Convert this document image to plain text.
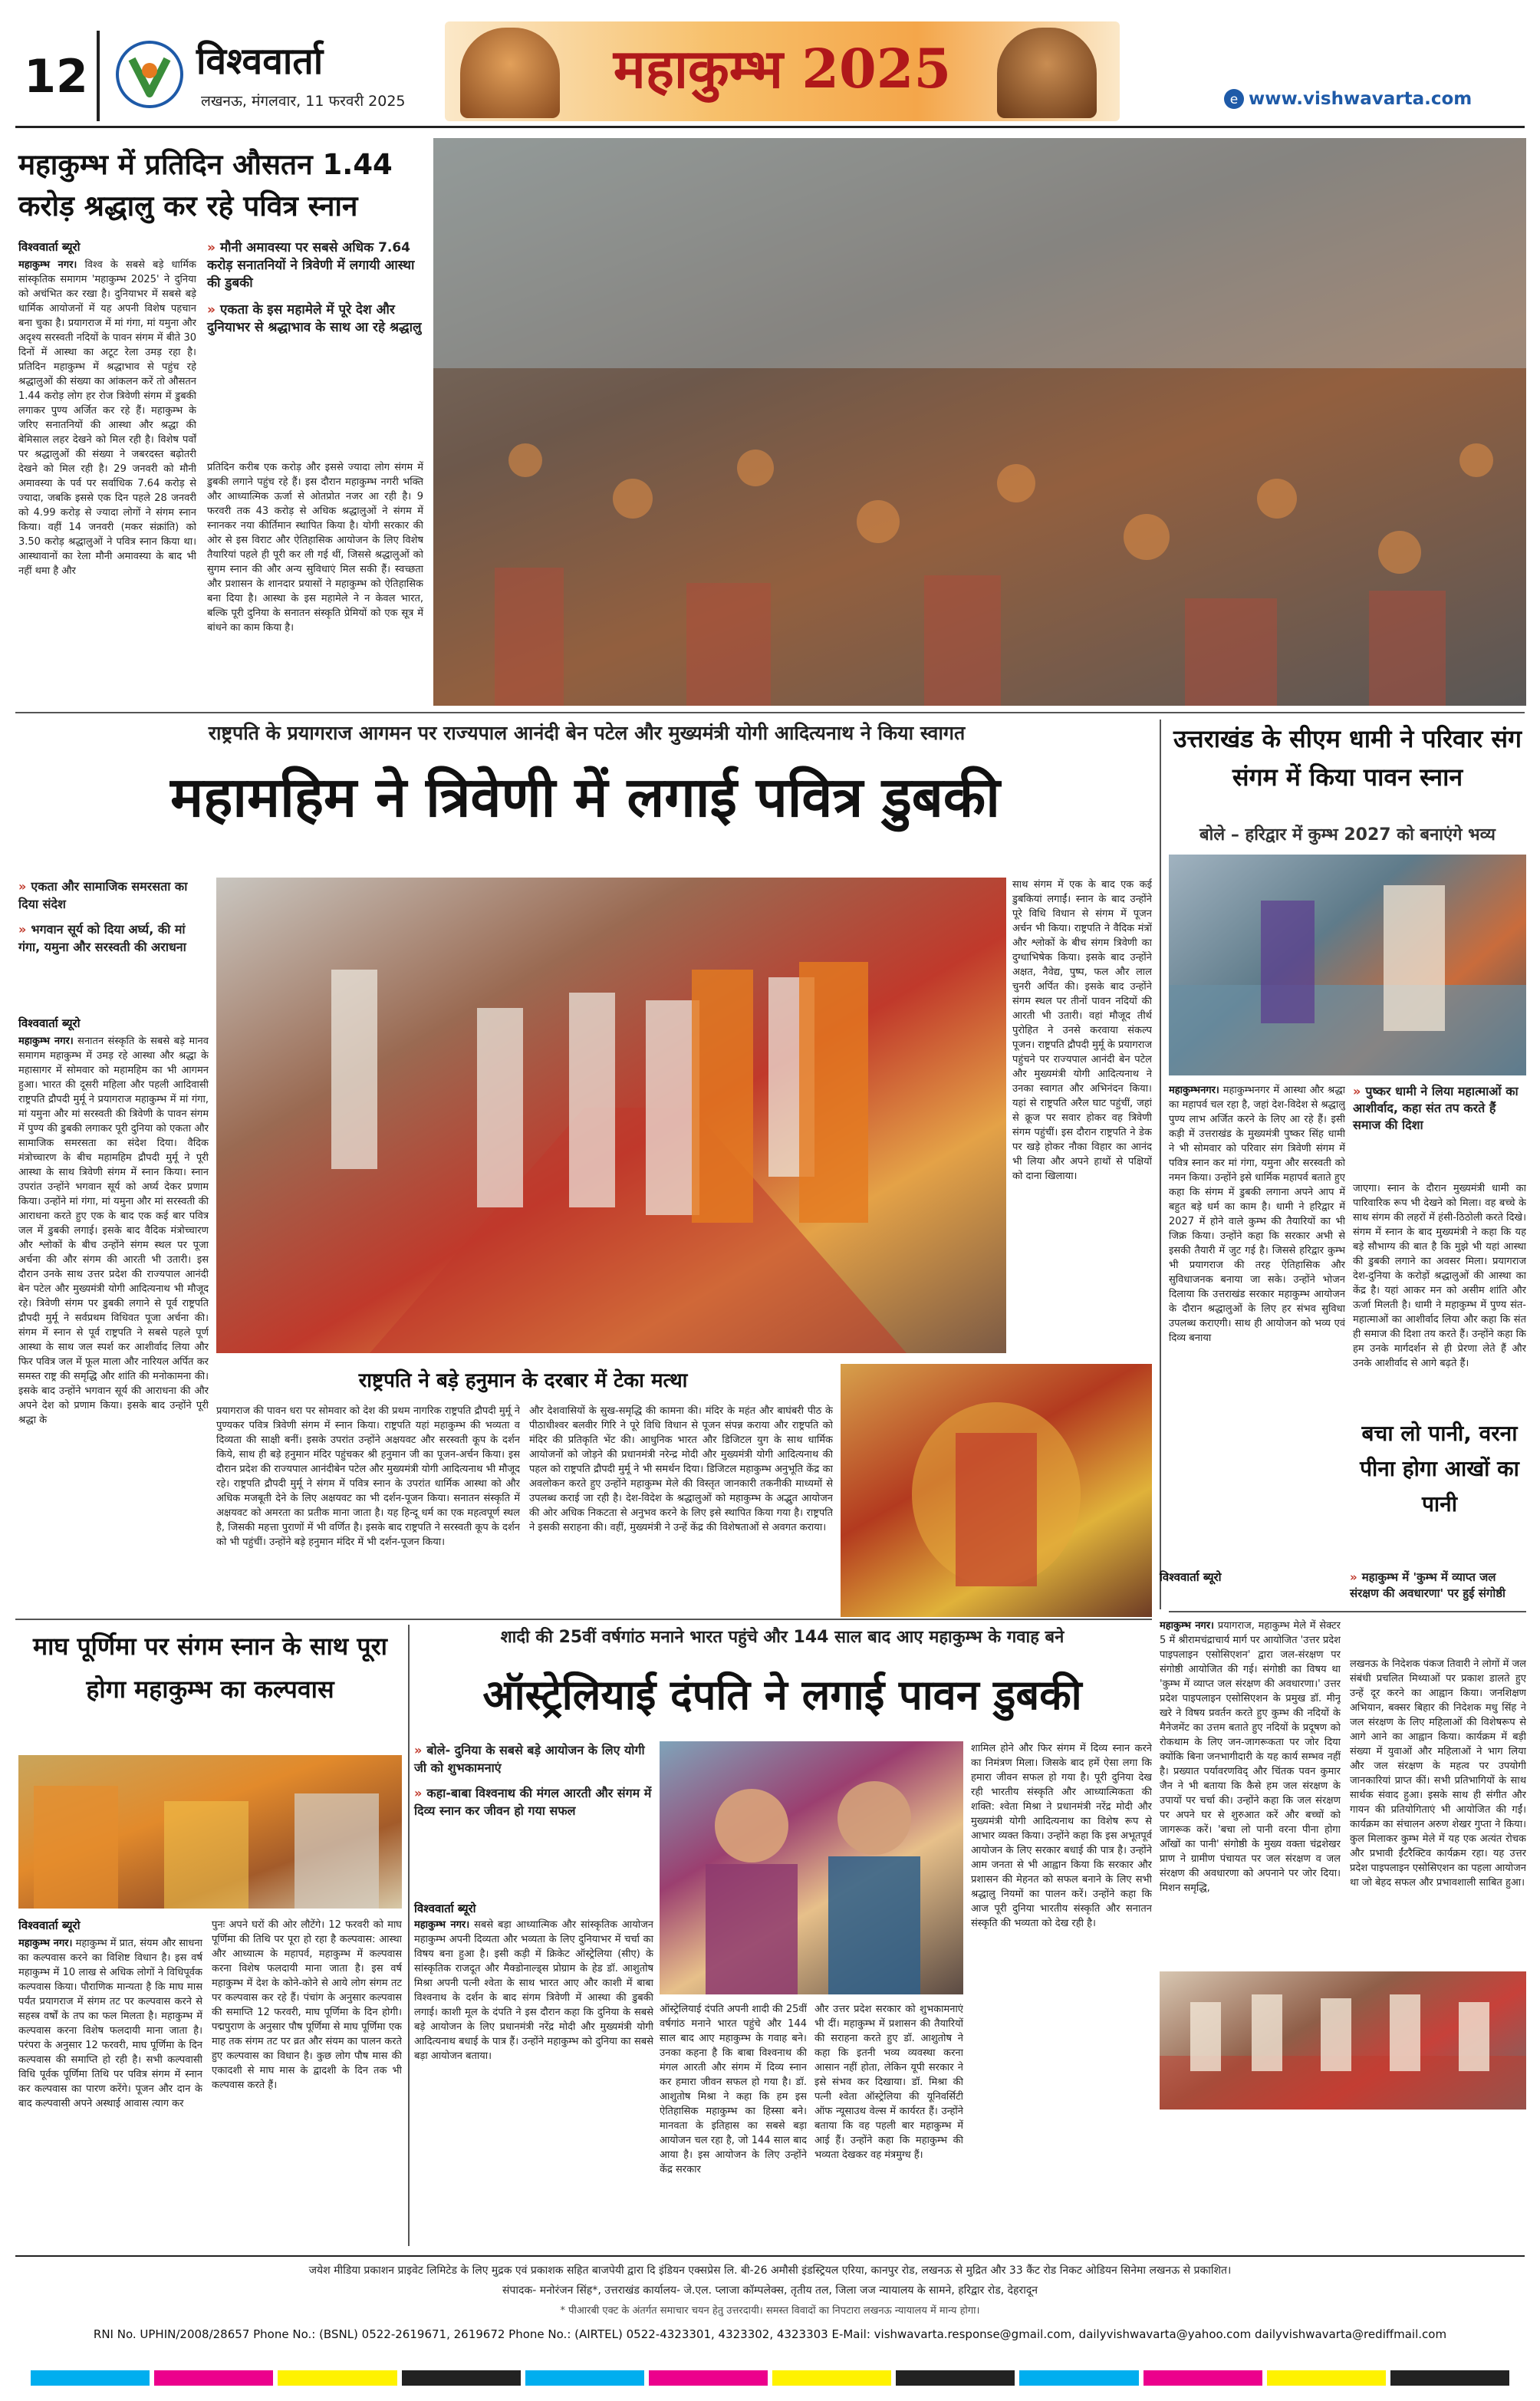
12	विश्ववार्ता
लखनऊ, मंगलवार, 11 फरवरी 2025
महाकुम्भ 2025	e www.vishwavarta.com
महाकुम्भ में प्रतिदिन औसतन 1.44 करोड़ श्रद्धालु कर रहे पवित्र स्नान
विश्ववार्ता ब्यूरो
महाकुम्भ नगर। विश्व के सबसे बड़े धार्मिक सांस्कृतिक समागम 'महाकुम्भ 2025' ने दुनिया को अचंभित कर रखा है। दुनियाभर में सबसे बड़े धार्मिक आयोजनों में यह अपनी विशेष पहचान बना चुका है। प्रयागराज में मां गंगा, मां यमुना और अदृश्य सरस्वती नदियों के पावन संगम में बीते 30 दिनों में आस्था का अटूट रेला उमड़ रहा है। प्रतिदिन महाकुम्भ में श्रद्धाभाव से पहुंच रहे श्रद्धालुओं की संख्या का आंकलन करें तो औसतन 1.44 करोड़ लोग हर रोज त्रिवेणी संगम में डुबकी लगाकर पुण्य अर्जित कर रहे हैं। महाकुम्भ के जरिए सनातनियों की आस्था और श्रद्धा की बेमिसाल लहर देखने को मिल रही है। विशेष पर्वों पर श्रद्धालुओं की संख्या ने जबरदस्त बढ़ोतरी देखने को मिल रही है। 29 जनवरी को मौनी अमावस्या के पर्व पर सर्वाधिक 7.64 करोड़ से ज्यादा, जबकि इससे एक दिन पहले 28 जनवरी को 4.99 करोड़ से ज्यादा लोगों ने संगम स्नान किया। वहीं 14 जनवरी (मकर संक्रांति) को 3.50 करोड़ श्रद्धालुओं ने पवित्र स्नान किया था। आस्थावानों का रेला मौनी अमावस्या के बाद भी नहीं थमा है और
» मौनी अमावस्या पर सबसे अधिक 7.64 करोड़ सनातनियों ने त्रिवेणी में लगायी आस्था की डुबकी
» एकता के इस महामेले में पूरे देश और दुनियाभर से श्रद्धाभाव के साथ आ रहे श्रद्धालु
प्रतिदिन करीब एक करोड़ और इससे ज्यादा लोग संगम में डुबकी लगाने पहुंच रहे हैं। इस दौरान महाकुम्भ नगरी भक्ति और आध्यात्मिक ऊर्जा से ओतप्रोत नजर आ रही है। 9 फरवरी तक 43 करोड़ से अधिक श्रद्धालुओं ने संगम में स्नानकर नया कीर्तिमान स्थापित किया है। योगी सरकार की ओर से इस विराट और ऐतिहासिक आयोजन के लिए विशेष तैयारियां पहले ही पूरी कर ली गई थीं, जिससे श्रद्धालुओं को सुगम स्नान की और अन्य सुविधाएं मिल सकी हैं। स्वच्छता और प्रशासन के शानदार प्रयासों ने महाकुम्भ को ऐतिहासिक बना दिया है। आस्था के इस महामेले ने न केवल भारत, बल्कि पूरी दुनिया के सनातन संस्कृति प्रेमियों को एक सूत्र में बांधने का काम किया है।
राष्ट्रपति के प्रयागराज आगमन पर राज्यपाल आनंदी बेन पटेल और मुख्यमंत्री योगी आदित्यनाथ ने किया स्वागत
महामहिम ने त्रिवेणी में लगाई पवित्र डुबकी
» एकता और सामाजिक समरसता का दिया संदेश
» भगवान सूर्य को दिया अर्घ्य, की मां गंगा, यमुना और सरस्वती की अराधना
विश्ववार्ता ब्यूरो
महाकुम्भ नगर। सनातन संस्कृति के सबसे बड़े मानव समागम महाकुम्भ में उमड़ रहे आस्था और श्रद्धा के महासागर में सोमवार को महामहिम का भी आगमन हुआ। भारत की दूसरी महिला और पहली आदिवासी राष्ट्रपति द्रौपदी मुर्मू ने प्रयागराज महाकुम्भ में मां गंगा, मां यमुना और मां सरस्वती की त्रिवेणी के पावन संगम में पुण्य की डुबकी लगाकर पूरी दुनिया को एकता और सामाजिक समरसता का संदेश दिया। वैदिक मंत्रोच्चारण के बीच महामहिम द्रौपदी मुर्मू ने पूरी आस्था के साथ त्रिवेणी संगम में स्नान किया। स्नान उपरांत उन्होंने भगवान सूर्य को अर्घ्य देकर प्रणाम किया। उन्होंने मां गंगा, मां यमुना और मां सरस्वती की आराधना करते हुए एक के बाद एक कई बार पवित्र जल में डुबकी लगाई। इसके बाद वैदिक मंत्रोच्चारण और श्लोकों के बीच उन्होंने संगम स्थल पर पूजा अर्चना की और संगम की आरती भी उतारी। इस दौरान उनके साथ उत्तर प्रदेश की राज्यपाल आनंदी बेन पटेल और मुख्यमंत्री योगी आदित्यनाथ भी मौजूद रहे। त्रिवेणी संगम पर डुबकी लगाने से पूर्व राष्ट्रपति द्रौपदी मुर्मू ने सर्वप्रथम विधिवत पूजा अर्चना की। संगम में स्नान से पूर्व राष्ट्रपति ने सबसे पहले पूर्ण आस्था के साथ जल स्पर्श कर आशीर्वाद लिया और फिर पवित्र जल में फूल माला और नारियल अर्पित कर समस्त राष्ट्र की समृद्धि और शांति की मनोकामना की। इसके बाद उन्होंने भगवान सूर्य की आराधना की और अपने देश को प्रणाम किया। इसके बाद उन्होंने पूरी श्रद्धा के
साथ संगम में एक के बाद एक कई डुबकियां लगाईं। स्नान के बाद उन्होंने पूरे विधि विधान से संगम में पूजन अर्चन भी किया। राष्ट्रपति ने वैदिक मंत्रों और श्लोकों के बीच संगम त्रिवेणी का दुग्धाभिषेक किया। इसके बाद उन्होंने अक्षत, नैवेद्य, पुष्प, फल और लाल चुनरी अर्पित की। इसके बाद उन्होंने संगम स्थल पर तीनों पावन नदियों की आरती भी उतारी। वहां मौजूद तीर्थ पुरोहित ने उनसे करवाया संकल्प पूजन। राष्ट्रपति द्रौपदी मुर्मू के प्रयागराज पहुंचने पर राज्यपाल आनंदी बेन पटेल और मुख्यमंत्री योगी आदित्यनाथ ने उनका स्वागत और अभिनंदन किया। यहां से राष्ट्रपति अरैल घाट पहुंचीं, जहां से क्रूज पर सवार होकर वह त्रिवेणी संगम पहुंचीं। इस दौरान राष्ट्रपति ने डेक पर खड़े होकर नौका विहार का आनंद भी लिया और अपने हाथों से पक्षियों को दाना खिलाया।
राष्ट्रपति ने बड़े हनुमान के दरबार में टेका मत्था
प्रयागराज की पावन धरा पर सोमवार को देश की प्रथम नागरिक राष्ट्रपति द्रौपदी मुर्मू ने पुण्यकर पवित्र त्रिवेणी संगम में स्नान किया। राष्ट्रपति यहां महाकुम्भ की भव्यता व दिव्यता की साक्षी बनीं। इसके उपरांत उन्होंने अक्षयवट और सरस्वती कूप के दर्शन किये, साथ ही बड़े हनुमान मंदिर पहुंचकर श्री हनुमान जी का पूजन-अर्चन किया। इस दौरान प्रदेश की राज्यपाल आनंदीबेन पटेल और मुख्यमंत्री योगी आदित्यनाथ भी मौजूद रहे। राष्ट्रपति द्रौपदी मुर्मू ने संगम में पवित्र स्नान के उपरांत धार्मिक आस्था को और अधिक मजबूती देने के लिए अक्षयवट का भी दर्शन-पूजन किया। सनातन संस्कृति में अक्षयवट को अमरता का प्रतीक माना जाता है। यह हिन्दू धर्म का एक महत्वपूर्ण स्थल है, जिसकी महत्ता पुराणों में भी वर्णित है। इसके बाद राष्ट्रपति ने सरस्वती कूप के दर्शन को भी पहुंचीं। उन्होंने बड़े हनुमान मंदिर में भी दर्शन-पूजन किया।
और देशवासियों के सुख-समृद्धि की कामना की। मंदिर के महंत और बाघंबरी पीठ के पीठाधीश्वर बलवीर गिरि ने पूरे विधि विधान से पूजन संपन्न कराया और राष्ट्रपति को मंदिर की प्रतिकृति भेंट की। आधुनिक भारत और डिजिटल युग के साथ धार्मिक आयोजनों को जोड़ने की प्रधानमंत्री नरेन्द्र मोदी और मुख्यमंत्री योगी आदित्यनाथ की पहल को राष्ट्रपति द्रौपदी मुर्मू ने भी समर्थन दिया। डिजिटल महाकुम्भ अनुभूति केंद्र का अवलोकन करते हुए उन्होंने महाकुम्भ मेले की विस्तृत जानकारी तकनीकी माध्यमों से उपलब्ध कराई जा रही है। देश-विदेश के श्रद्धालुओं को महाकुम्भ के अद्भुत आयोजन की ओर अधिक निकटता से अनुभव करने के लिए इसे स्थापित किया गया है। राष्ट्रपति ने इसकी सराहना की। वहीं, मुख्यमंत्री ने उन्हें केंद्र की विशेषताओं से अवगत कराया।
उत्तराखंड के सीएम धामी ने परिवार संग संगम में किया पावन स्नान
बोले – हरिद्वार में कुम्भ 2027 को बनाएंगे भव्य
महाकुम्भनगर। महाकुम्भनगर में आस्था और श्रद्धा का महापर्व चल रहा है, जहां देश-विदेश से श्रद्धालु पुण्य लाभ अर्जित करने के लिए आ रहे हैं। इसी कड़ी में उत्तराखंड के मुख्यमंत्री पुष्कर सिंह धामी ने भी सोमवार को परिवार संग त्रिवेणी संगम में पवित्र स्नान कर मां गंगा, यमुना और सरस्वती को नमन किया। उन्होंने इसे धार्मिक महापर्व बताते हुए कहा कि संगम में डुबकी लगाना अपने आप में बहुत बड़े धर्म का काम है। धामी ने हरिद्वार में 2027 में होने वाले कुम्भ की तैयारियों का भी जिक्र किया। उन्होंने कहा कि सरकार अभी से इसकी तैयारी में जुट गई है। जिससे हरिद्वार कुम्भ भी प्रयागराज की तरह ऐतिहासिक और सुविधाजनक बनाया जा सके। उन्होंने भोजन दिलाया कि उत्तराखंड सरकार महाकुम्भ आयोजन के दौरान श्रद्धालुओं के लिए हर संभव सुविधा उपलब्ध कराएगी। साथ ही आयोजन को भव्य एवं दिव्य बनाया
» पुष्कर धामी ने लिया महात्माओं का आशीर्वाद, कहा संत तप करते हैं समाज की दिशा
जाएगा। स्नान के दौरान मुख्यमंत्री धामी का पारिवारिक रूप भी देखने को मिला। वह बच्चे के साथ संगम की लहरों में हंसी-ठिठोली करते दिखे। संगम में स्नान के बाद मुख्यमंत्री ने कहा कि यह बड़े सौभाग्य की बात है कि मुझे भी यहां आस्था की डुबकी लगाने का अवसर मिला। प्रयागराज देश-दुनिया के करोड़ों श्रद्धालुओं की आस्था का केंद्र है। यहां आकर मन को असीम शांति और ऊर्जा मिलती है। धामी ने महाकुम्भ में पुण्य संत-महात्माओं का आशीर्वाद लिया और कहा कि संत ही समाज की दिशा तय करते हैं। उन्होंने कहा कि हम उनके मार्गदर्शन से ही प्रेरणा लेते हैं और उनके आशीर्वाद से आगे बढ़ते हैं।
बचा लो पानी, वरना पीना होगा आखों का पानी
विश्ववार्ता ब्यूरो	» महाकुम्भ में 'कुम्भ में व्याप्त जल संरक्षण की अवधारणा' पर हुई संगोष्ठी
महाकुम्भ नगर। प्रयागराज, महाकुम्भ मेले में सेक्टर 5 में श्रीरामचंद्राचार्य मार्ग पर आयोजित 'उत्तर प्रदेश पाइपलाइन एसोसिएशन' द्वारा जल-संरक्षण पर संगोष्ठी आयोजित की गई। संगोष्ठी का विषय था 'कुम्भ में व्याप्त जल संरक्षण की अवधारणा।' उत्तर प्रदेश पाइपलाइन एसोसिएशन के प्रमुख डॉ. मीनू खरे ने विषय प्रवर्तन करते हुए कुम्भ की नदियों के मैनेजमेंट का उत्तम बताते हुए नदियों के प्रदूषण को रोकथाम के लिए जन-जागरूकता पर जोर दिया क्योंकि बिना जनभागीदारी के यह कार्य सम्भव नहीं है। प्रख्यात पर्यावरणविद् और चिंतक पवन कुमार जैन ने भी बताया कि कैसे हम जल संरक्षण के उपायों पर चर्चा की। उन्होंने कहा कि जल संरक्षण पर अपने घर से शुरुआत करें और बच्चों को जागरूक करें। 'बचा लो पानी वरना पीना होगा आँखों का पानी' संगोष्ठी के मुख्य वक्ता चंद्रशेखर प्राण ने ग्रामीण पंचायत पर जल संरक्षण व जल संरक्षण की अवधारणा को अपनाने पर जोर दिया। मिशन समृद्धि,
लखनऊ के निदेशक पंकज तिवारी ने लोगों में जल संबंधी प्रचलित मिथ्याओं पर प्रकाश डालते हुए उन्हें दूर करने का आह्वान किया। जनशिक्षण अभियान, बक्सर बिहार की निदेशक मधु सिंह ने जल संरक्षण के लिए महिलाओं की विशेषरूप से आगे आने का आह्वान किया। कार्यक्रम में बड़ी संख्या में युवाओं और महिलाओं ने भाग लिया और जल संरक्षण के महत्व पर उपयोगी जानकारियां प्राप्त कीं। सभी प्रतिभागियों के साथ सार्थक संवाद हुआ। इसके साथ ही संगीत और गायन की प्रतियोगिताएं भी आयोजित की गईं। कार्यक्रम का संचालन अरुण शेखर गुप्ता ने किया। कुल मिलाकर कुम्भ मेले में यह एक अत्यंत रोचक और प्रभावी ईंटरैक्टिव कार्यक्रम रहा। यह उत्तर प्रदेश पाइपलाइन एसोसिएशन का पहला आयोजन था जो बेहद सफल और प्रभावशाली साबित हुआ।
माघ पूर्णिमा पर संगम स्नान के साथ पूरा होगा महाकुम्भ का कल्पवास
विश्ववार्ता ब्यूरो
महाकुम्भ नगर। महाकुम्भ में प्रात, संयम और साधना का कल्पवास करने का विशिष्ट विधान है। इस वर्ष महाकुम्भ में 10 लाख से अधिक लोगों ने विधिपूर्वक कल्पवास किया। पौराणिक मान्यता है कि माघ मास पर्यंत प्रयागराज में संगम तट पर कल्पवास करने से सहस्त्र वर्षों के तप का फल मिलता है। महाकुम्भ में कल्पवास करना विशेष फलदायी माना जाता है। परंपरा के अनुसार 12 फरवरी, माघ पूर्णिमा के दिन कल्पवास की समाप्ति हो रही है। सभी कल्पवासी विधि पूर्वक पूर्णिमा तिथि पर पवित्र संगम में स्नान कर कल्पवास का पारण करेंगे। पूजन और दान के बाद कल्पवासी अपने अस्थाई आवास त्याग कर
पुनः अपने घरों की ओर लौटेंगे। 12 फरवरी को माघ पूर्णिमा की तिथि पर पूरा हो रहा है कल्पवास: आस्था और आध्यात्म के महापर्व, महाकुम्भ में कल्पवास करना विशेष फलदायी माना जाता है। इस वर्ष महाकुम्भ में देश के कोने-कोने से आये लोग संगम तट पर कल्पवास कर रहे हैं। पंचांग के अनुसार कल्पवास की समाप्ति 12 फरवरी, माघ पूर्णिमा के दिन होगी। पद्मपुराण के अनुसार पौष पूर्णिमा से माघ पूर्णिमा एक माह तक संगम तट पर व्रत और संयम का पालन करते हुए कल्पवास का विधान है। कुछ लोग पौष मास की एकादशी से माघ मास के द्वादशी के दिन तक भी कल्पवास करते हैं।
शादी की 25वीं वर्षगांठ मनाने भारत पहुंचे और 144 साल बाद आए महाकुम्भ के गवाह बने
ऑस्ट्रेलियाई दंपति ने लगाई पावन डुबकी
» बोले- दुनिया के सबसे बड़े आयोजन के लिए योगी जी को शुभकामनाएं
» कहा-बाबा विश्वनाथ की मंगल आरती और संगम में दिव्य स्नान कर जीवन हो गया सफल
विश्ववार्ता ब्यूरो
महाकुम्भ नगर। सबसे बड़ा आध्यात्मिक और सांस्कृतिक आयोजन महाकुम्भ अपनी दिव्यता और भव्यता के लिए दुनियाभर में चर्चा का विषय बना हुआ है। इसी कड़ी में क्रिकेट ऑस्ट्रेलिया (सीए) के सांस्कृतिक राजदूत और मैक्डोनाल्ड्स प्रोग्राम के हेड डॉ. आशुतोष मिश्रा अपनी पत्नी श्वेता के साथ भारत आए और काशी में बाबा विश्वनाथ के दर्शन के बाद संगम त्रिवेणी में आस्था की डुबकी लगाई। काशी मूल के दंपति ने इस दौरान कहा कि दुनिया के सबसे बड़े आयोजन के लिए प्रधानमंत्री नरेंद्र मोदी और मुख्यमंत्री योगी आदित्यनाथ बधाई के पात्र हैं। उन्होंने महाकुम्भ को दुनिया का सबसे बड़ा आयोजन बताया।
ऑस्ट्रेलियाई दंपति अपनी शादी की 25वीं वर्षगांठ मनाने भारत पहुंचे और 144 साल बाद आए महाकुम्भ के गवाह बने। उनका कहना है कि बाबा विश्वनाथ की मंगल आरती और संगम में दिव्य स्नान कर हमारा जीवन सफल हो गया है। डॉ. आशुतोष मिश्रा ने कहा कि हम इस ऐतिहासिक महाकुम्भ का हिस्सा बने। मानवता के इतिहास का सबसे बड़ा आयोजन चल रहा है, जो 144 साल बाद आया है। इस आयोजन के लिए उन्होंने केंद्र सरकार
और उत्तर प्रदेश सरकार को शुभकामनाएं भी दीं। महाकुम्भ में प्रशासन की तैयारियों की सराहना करते हुए डॉ. आशुतोष ने कहा कि इतनी भव्य व्यवस्था करना आसान नहीं होता, लेकिन यूपी सरकार ने इसे संभव कर दिखाया। डॉ. मिश्रा की पत्नी श्वेता ऑस्ट्रेलिया की यूनिवर्सिटी ऑफ न्यूसाउथ वेल्स में कार्यरत हैं। उन्होंने बताया कि वह पहली बार महाकुम्भ में आई हैं। उन्होंने कहा कि महाकुम्भ की भव्यता देखकर वह मंत्रमुग्ध हैं।
शामिल होने और फिर संगम में दिव्य स्नान करने का निमंत्रण मिला। जिसके बाद हमें ऐसा लगा कि हमारा जीवन सफल हो गया है। पूरी दुनिया देख रही भारतीय संस्कृति और आध्यात्मिकता की शक्ति: श्वेता मिश्रा ने प्रधानमंत्री नरेंद्र मोदी और मुख्यमंत्री योगी आदित्यनाथ का विशेष रूप से आभार व्यक्त किया। उन्होंने कहा कि इस अभूतपूर्व आयोजन के लिए सरकार बधाई की पात्र है। उन्होंने आम जनता से भी आह्वान किया कि सरकार और प्रशासन की मेहनत को सफल बनाने के लिए सभी श्रद्धालु नियमों का पालन करें। उन्होंने कहा कि आज पूरी दुनिया भारतीय संस्कृति और सनातन संस्कृति की भव्यता को देख रही है।
जयेश मीडिया प्रकाशन प्राइवेट लिमिटेड के लिए मुद्रक एवं प्रकाशक सहित बाजपेयी द्वारा दि इंडियन एक्सप्रेस लि. बी-26 अमौसी इंडस्ट्रियल एरिया, कानपुर रोड, लखनऊ से मुद्रित और 33 कैंट रोड निकट ओडियन सिनेमा लखनऊ से प्रकाशित।
संपादक- मनोरंजन सिंह*, उत्तराखंड कार्यालय- जे.एल. प्लाजा कॉम्पलेक्स, तृतीय तल, जिला जज न्यायालय के सामने, हरिद्वार रोड, देहरादून
* पीआरबी एक्ट के अंतर्गत समाचार चयन हेतु उत्तरदायी। समस्त विवादों का निपटारा लखनऊ न्यायालय में मान्य होगा।
RNI No. UPHIN/2008/28657 Phone No.: (BSNL) 0522-2619671, 2619672 Phone No.: (AIRTEL) 0522-4323301, 4323302, 4323303 E-Mail: vishwavarta.response@gmail.com, dailyvishwavarta@yahoo.com dailyvishwavarta@rediffmail.com
